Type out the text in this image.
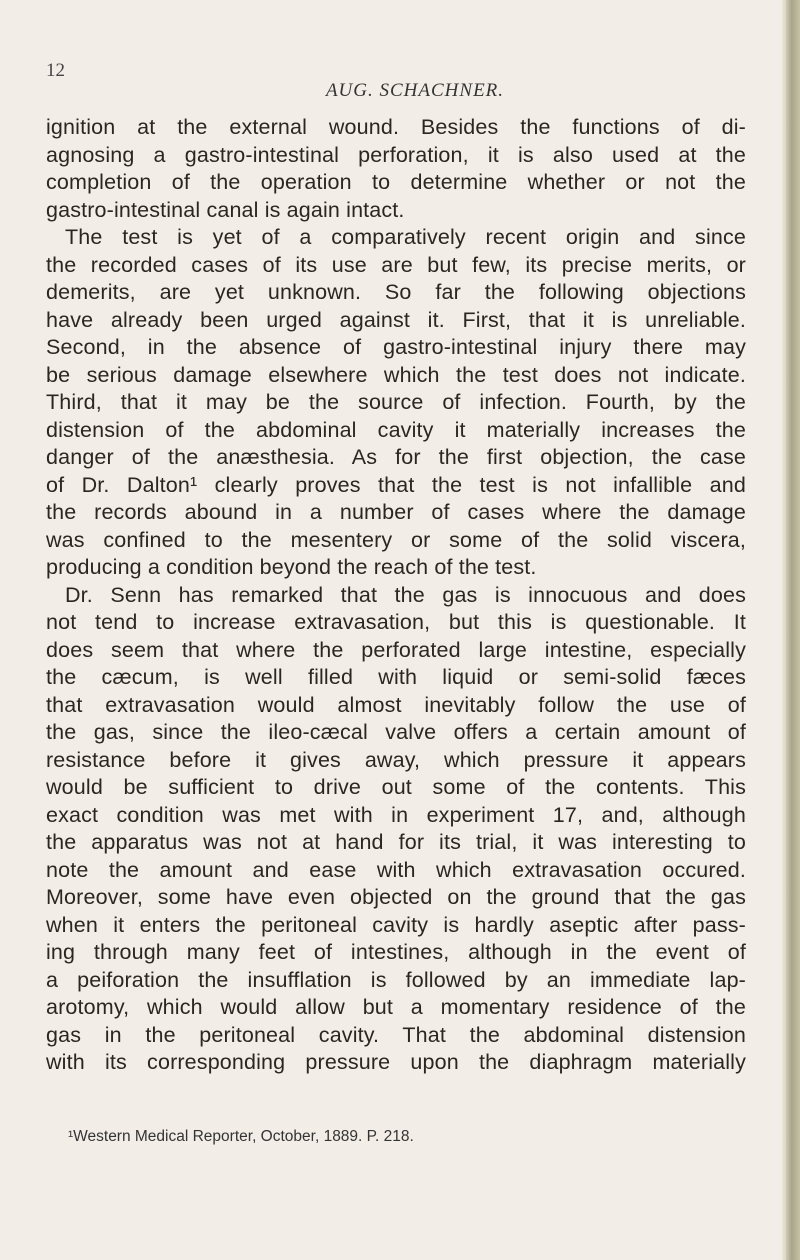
12
AUG. SCHACHNER.
ignition at the external wound. Besides the functions of di-
agnosing a gastro-intestinal perforation, it is also used at the
completion of the operation to determine whether or not the
gastro-intestinal canal is again intact.
The test is yet of a comparatively recent origin and since
the recorded cases of its use are but few, its precise merits, or
demerits, are yet unknown. So far the following objections
have already been urged against it. First, that it is unreliable.
Second, in the absence of gastro-intestinal injury there may
be serious damage elsewhere which the test does not indicate.
Third, that it may be the source of infection. Fourth, by the
distension of the abdominal cavity it materially increases the
danger of the anæsthesia. As for the first objection, the case
of Dr. Dalton¹ clearly proves that the test is not infallible and
the records abound in a number of cases where the damage
was confined to the mesentery or some of the solid viscera,
producing a condition beyond the reach of the test.
Dr. Senn has remarked that the gas is innocuous and does
not tend to increase extravasation, but this is questionable. It
does seem that where the perforated large intestine, especially
the cæcum, is well filled with liquid or semi-solid fæces
that extravasation would almost inevitably follow the use of
the gas, since the ileo-cæcal valve offers a certain amount of
resistance before it gives away, which pressure it appears
would be sufficient to drive out some of the contents. This
exact condition was met with in experiment 17, and, although
the apparatus was not at hand for its trial, it was interesting to
note the amount and ease with which extravasation occured.
Moreover, some have even objected on the ground that the gas
when it enters the peritoneal cavity is hardly aseptic after pass-
ing through many feet of intestines, although in the event of
a peiforation the insufflation is followed by an immediate lap-
arotomy, which would allow but a momentary residence of the
gas in the peritoneal cavity. That the abdominal distension
with its corresponding pressure upon the diaphragm materially
¹Western Medical Reporter, October, 1889. P. 218.
